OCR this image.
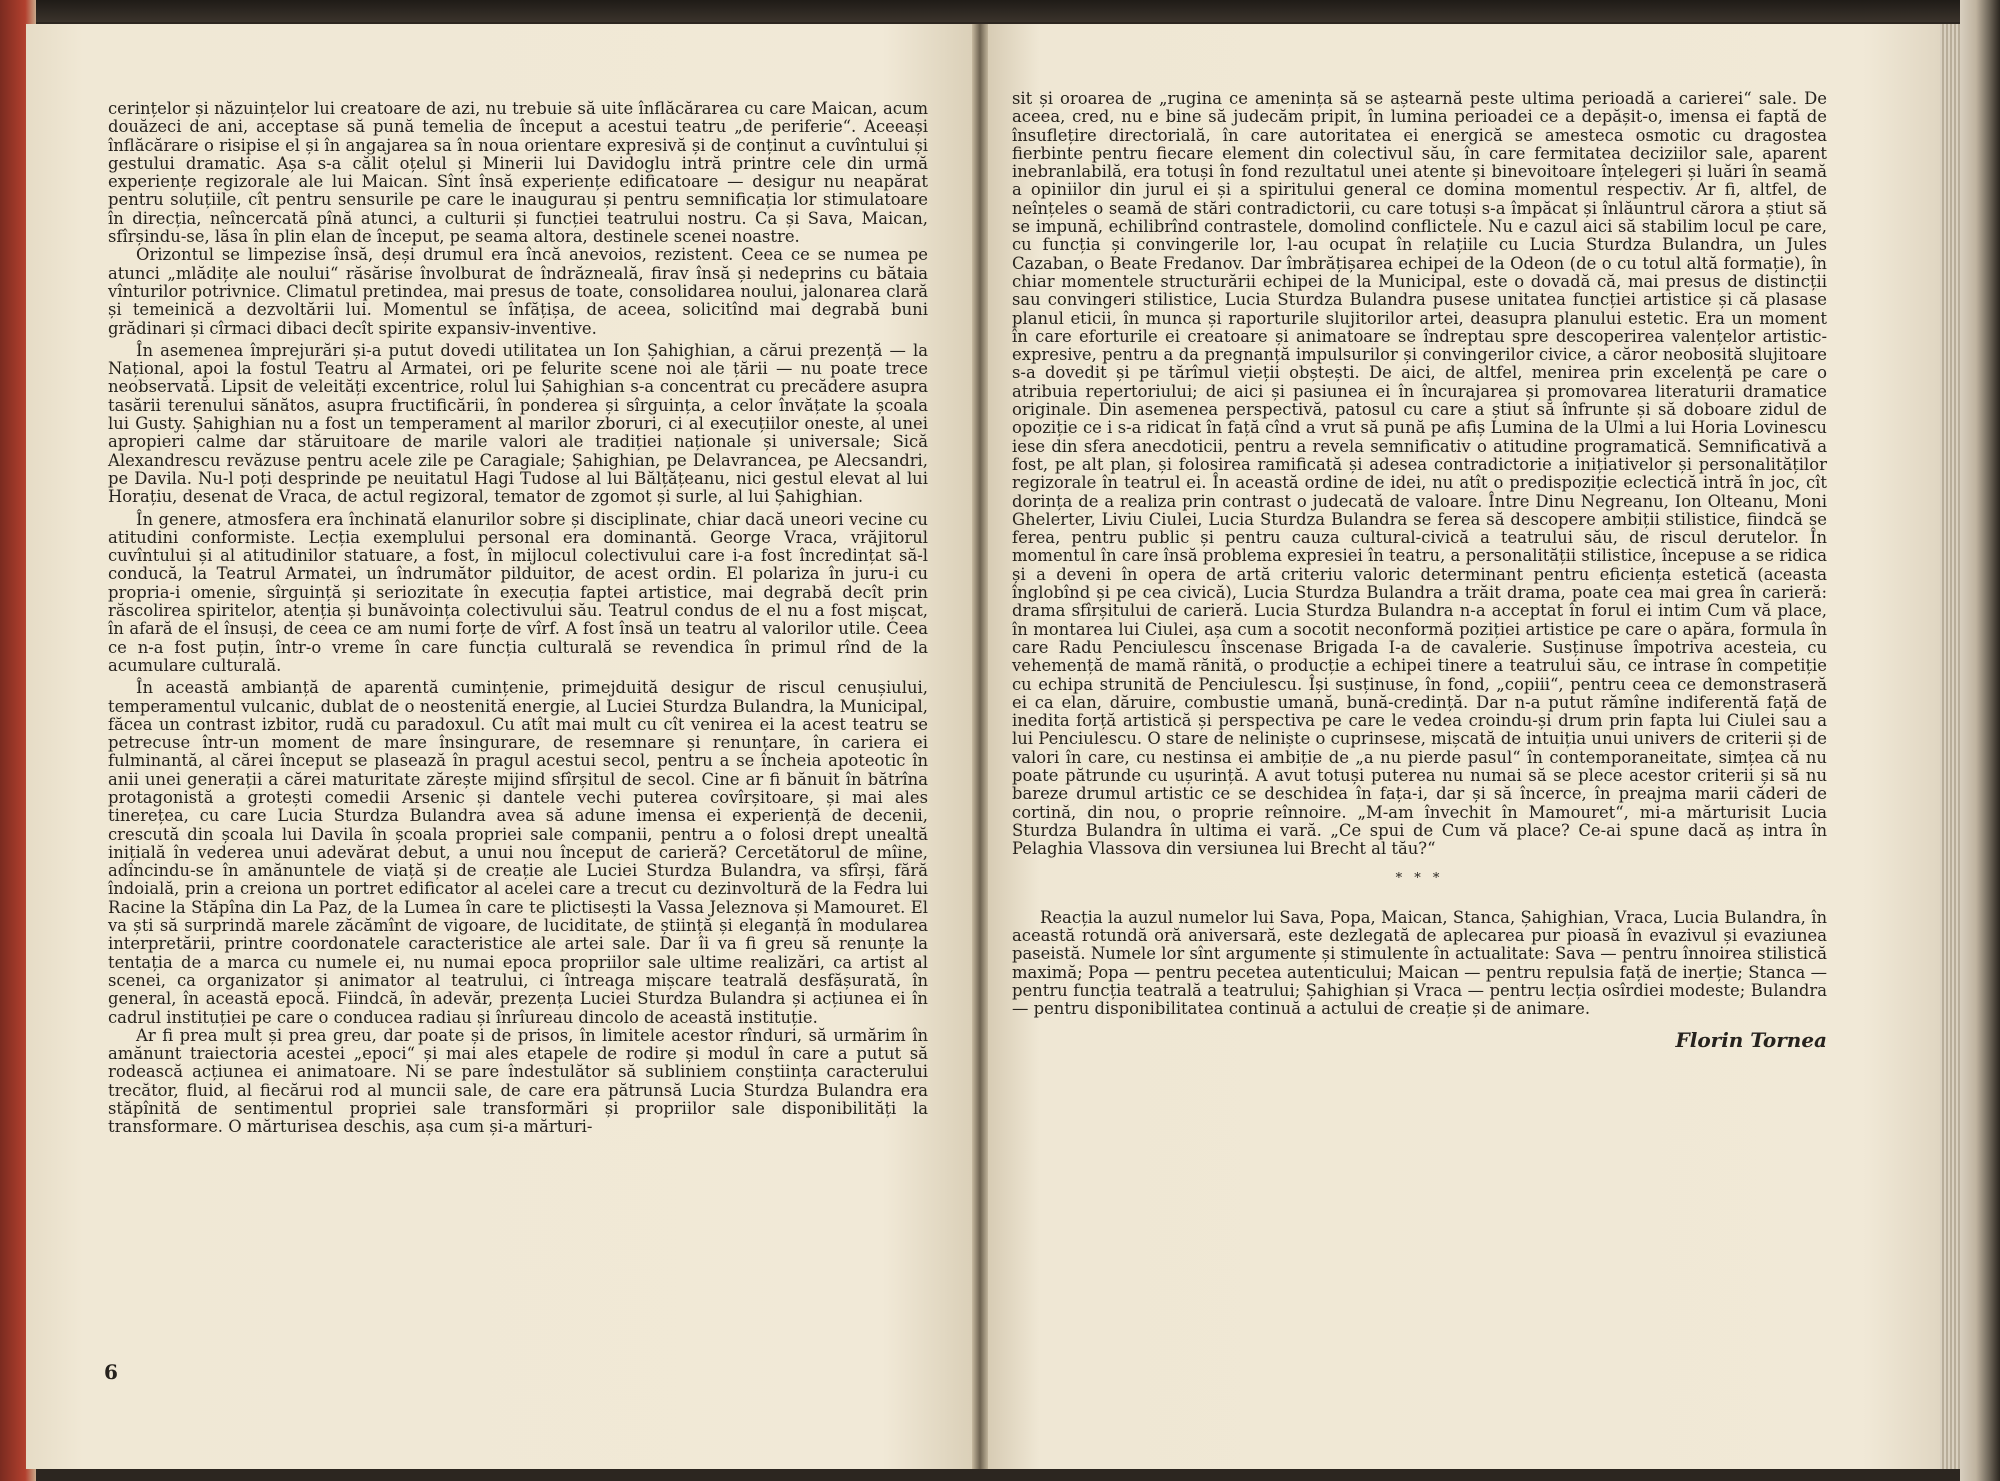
cerințelor și năzuințelor lui creatoare de azi, nu trebuie să uite înflăcărarea cu care Maican, acum douăzeci de ani, acceptase să pună temelia de început a acestui teatru „de periferie“. Aceeași înflăcărare o risipise el și în angajarea sa în noua orientare expresivă și de conținut a cuvîntului și gestului dramatic. Așa s-a călit oțelul și Minerii lui Davidoglu intră printre cele din urmă experiențe regizorale ale lui Maican. Sînt însă experiențe edificatoare — desigur nu neapărat pentru soluțiile, cît pentru sensurile pe care le inaugurau și pentru semnificația lor stimulatoare în direcția, neîncercată pînă atunci, a culturii și funcției teatrului nostru. Ca și Sava, Maican, sfîrșindu-se, lăsa în plin elan de început, pe seama altora, destinele scenei noastre.

Orizontul se limpezise însă, deși drumul era încă anevoios, rezistent. Ceea ce se numea pe atunci „mlădițe ale noului“ răsărise învolburat de îndrăzneală, firav însă și nedeprins cu bătaia vînturilor potrivnice. Climatul pretindea, mai presus de toate, consolidarea noului, jalonarea clară și temeinică a dezvoltării lui. Momentul se înfățișa, de aceea, solicitînd mai degrabă buni grădinari și cîrmaci dibaci decît spirite expansiv-inventive.

În asemenea împrejurări și-a putut dovedi utilitatea un Ion Șahighian, a cărui prezență — la Național, apoi la fostul Teatru al Armatei, ori pe felurite scene noi ale țării — nu poate trece neobservată. Lipsit de veleități excentrice, rolul lui Șahighian s-a concentrat cu precădere asupra tasării terenului sănătos, asupra fructificării, în ponderea și sîrguința, a celor învățate la școala lui Gusty. Șahighian nu a fost un temperament al marilor zboruri, ci al execuțiilor oneste, al unei apropieri calme dar stăruitoare de marile valori ale tradiției naționale și universale; Sică Alexandrescu revăzuse pentru acele zile pe Caragiale; Șahighian, pe Delavrancea, pe Alecsandri, pe Davila. Nu-l poți desprinde pe neuitatul Hagi Tudose al lui Bălțățeanu, nici gestul elevat al lui Horațiu, desenat de Vraca, de actul regizoral, temator de zgomot și surle, al lui Șahighian.

În genere, atmosfera era închinată elanurilor sobre și disciplinate, chiar dacă uneori vecine cu atitudini conformiste. Lecția exemplului personal era dominantă. George Vraca, vrăjitorul cuvîntului și al atitudinilor statuare, a fost, în mijlocul colectivului care i-a fost încredințat să-l conducă, la Teatrul Armatei, un îndrumător pilduitor, de acest ordin. El polariza în juru-i cu propria-i omenie, sîrguință și seriozitate în execuția faptei artistice, mai degrabă decît prin răscolirea spiritelor, atenția și bunăvoința colectivului său. Teatrul condus de el nu a fost mișcat, în afară de el însuși, de ceea ce am numi forțe de vîrf. A fost însă un teatru al valorilor utile. Ceea ce n-a fost puțin, într-o vreme în care funcția culturală se revendica în primul rînd de la acumulare culturală.

În această ambianță de aparentă cumințenie, primejduită desigur de riscul cenușiului, temperamentul vulcanic, dublat de o neostenită energie, al Luciei Sturdza Bulandra, la Municipal, făcea un contrast izbitor, rudă cu paradoxul. Cu atît mai mult cu cît venirea ei la acest teatru se petrecuse într-un moment de mare însingurare, de resemnare și renunțare, în cariera ei fulminantă, al cărei început se plasează în pragul acestui secol, pentru a se încheia apoteotic în anii unei generații a cărei maturitate zărește mijind sfîrșitul de secol. Cine ar fi bănuit în bătrîna protagonistă a grotești comedii Arsenic și dantele vechi puterea covîrșitoare, și mai ales tinerețea, cu care Lucia Sturdza Bulandra avea să adune imensa ei experiență de decenii, crescută din școala lui Davila în școala propriei sale companii, pentru a o folosi drept unealtă inițială în vederea unui adevărat debut, a unui nou început de carieră? Cercetătorul de mîine, adîncindu-se în amănuntele de viață și de creație ale Luciei Sturdza Bulandra, va sfîrși, fără îndoială, prin a creiona un portret edificator al acelei care a trecut cu dezinvoltură de la Fedra lui Racine la Stăpîna din La Paz, de la Lumea în care te plictisești la Vassa Jeleznova și Mamouret. El va ști să surprindă marele zăcămînt de vigoare, de luciditate, de știință și eleganță în modularea interpretării, printre coordonatele caracteristice ale artei sale. Dar îi va fi greu să renunțe la tentația de a marca cu numele ei, nu numai epoca propriilor sale ultime realizări, ca artist al scenei, ca organizator și animator al teatrului, ci întreaga mișcare teatrală desfășurată, în general, în această epocă. Fiindcă, în adevăr, prezența Luciei Sturdza Bulandra și acțiunea ei în cadrul instituției pe care o conducea radiau și înrîureau dincolo de această instituție.

Ar fi prea mult și prea greu, dar poate și de prisos, în limitele acestor rînduri, să urmărim în amănunt traiectoria acestei „epoci“ și mai ales etapele de rodire și modul în care a putut să rodească acțiunea ei animatoare. Ni se pare îndestulător să subliniem conștiința caracterului trecător, fluid, al fiecărui rod al muncii sale, de care era pătrunsă Lucia Sturdza Bulandra era stăpînită de sentimentul propriei sale transformări și propriilor sale disponibilități la transformare. O mărturisea deschis, așa cum și-a mărturi-

6

sit și oroarea de „rugina ce amenința să se aștearnă peste ultima perioadă a carierei“ sale. De aceea, cred, nu e bine să judecăm pripit, în lumina perioadei ce a depășit-o, imensa ei faptă de însuflețire directorială, în care autoritatea ei energică se amesteca osmotic cu dragostea fierbinte pentru fiecare element din colectivul său, în care fermitatea deciziilor sale, aparent inebranlabilă, era totuși în fond rezultatul unei atente și binevoitoare înțelegeri și luări în seamă a opiniilor din jurul ei și a spiritului general ce domina momentul respectiv. Ar fi, altfel, de neînțeles o seamă de stări contradictorii, cu care totuși s-a împăcat și înlăuntrul cărora a știut să se impună, echilibrînd contrastele, domolind conflictele. Nu e cazul aici să stabilim locul pe care, cu funcția și convingerile lor, l-au ocupat în relațiile cu Lucia Sturdza Bulandra, un Jules Cazaban, o Beate Fredanov. Dar îmbrățișarea echipei de la Odeon (de o cu totul altă formație), în chiar momentele structurării echipei de la Municipal, este o dovadă că, mai presus de distincții sau convingeri stilistice, Lucia Sturdza Bulandra pusese unitatea funcției artistice și că plasase planul eticii, în munca și raporturile slujitorilor artei, deasupra planului estetic. Era un moment în care eforturile ei creatoare și animatoare se îndreptau spre descoperirea valențelor artistic-expresive, pentru a da pregnanță impulsurilor și convingerilor civice, a căror neobosită slujitoare s-a dovedit și pe tărîmul vieții obștești. De aici, de altfel, menirea prin excelență pe care o atribuia repertoriului; de aici și pasiunea ei în încurajarea și promovarea literaturii dramatice originale. Din asemenea perspectivă, patosul cu care a știut să înfrunte și să doboare zidul de opoziție ce i s-a ridicat în față cînd a vrut să pună pe afiș Lumina de la Ulmi a lui Horia Lovinescu iese din sfera anecdoticii, pentru a revela semnificativ o atitudine programatică. Semnificativă a fost, pe alt plan, și folosirea ramificată și adesea contradictorie a inițiativelor și personalităților regizorale în teatrul ei. În această ordine de idei, nu atît o predispoziție eclectică intră în joc, cît dorința de a realiza prin contrast o judecată de valoare. Între Dinu Negreanu, Ion Olteanu, Moni Ghelerter, Liviu Ciulei, Lucia Sturdza Bulandra se ferea să descopere ambiții stilistice, fiindcă se ferea, pentru public și pentru cauza cultural-civică a teatrului său, de riscul derutelor. În momentul în care însă problema expresiei în teatru, a personalității stilistice, începuse a se ridica și a deveni în opera de artă criteriu valoric determinant pentru eficiența estetică (aceasta înglobînd și pe cea civică), Lucia Sturdza Bulandra a trăit drama, poate cea mai grea în carieră: drama sfîrșitului de carieră. Lucia Sturdza Bulandra n-a acceptat în forul ei intim Cum vă place, în montarea lui Ciulei, așa cum a socotit neconformă poziției artistice pe care o apăra, formula în care Radu Penciulescu înscenase Brigada I-a de cavalerie. Susținuse împotriva acesteia, cu vehemență de mamă rănită, o producție a echipei tinere a teatrului său, ce intrase în competiție cu echipa strunită de Penciulescu. Își susținuse, în fond, „copiii“, pentru ceea ce demonstraseră ei ca elan, dăruire, combustie umană, bună-credință. Dar n-a putut rămîne indiferentă față de inedita forță artistică și perspectiva pe care le vedea croindu-și drum prin fapta lui Ciulei sau a lui Penciulescu. O stare de neliniște o cuprinsese, mișcată de intuiția unui univers de criterii și de valori în care, cu nestinsa ei ambiție de „a nu pierde pasul“ în contemporaneitate, simțea că nu poate pătrunde cu ușurință. A avut totuși puterea nu numai să se plece acestor criterii și să nu bareze drumul artistic ce se deschidea în fața-i, dar și să încerce, în preajma marii căderi de cortină, din nou, o proprie reînnoire. „M-am învechit în Mamouret“, mi-a mărturisit Lucia Sturdza Bulandra în ultima ei vară. „Ce spui de Cum vă place? Ce-ai spune dacă aș intra în Pelaghia Vlassova din versiunea lui Brecht al tău?“

* * *

Reacția la auzul numelor lui Sava, Popa, Maican, Stanca, Șahighian, Vraca, Lucia Bulandra, în această rotundă oră aniversară, este dezlegată de aplecarea pur pioasă în evazivul și evaziunea paseistă. Numele lor sînt argumente și stimulente în actualitate: Sava — pentru înnoirea stilistică maximă; Popa — pentru pecetea autenticului; Maican — pentru repulsia față de inerție; Stanca — pentru funcția teatrală a teatrului; Șahighian și Vraca — pentru lecția osîrdiei modeste; Bulandra — pentru disponibilitatea continuă a actului de creație și de animare.

Florin Tornea
